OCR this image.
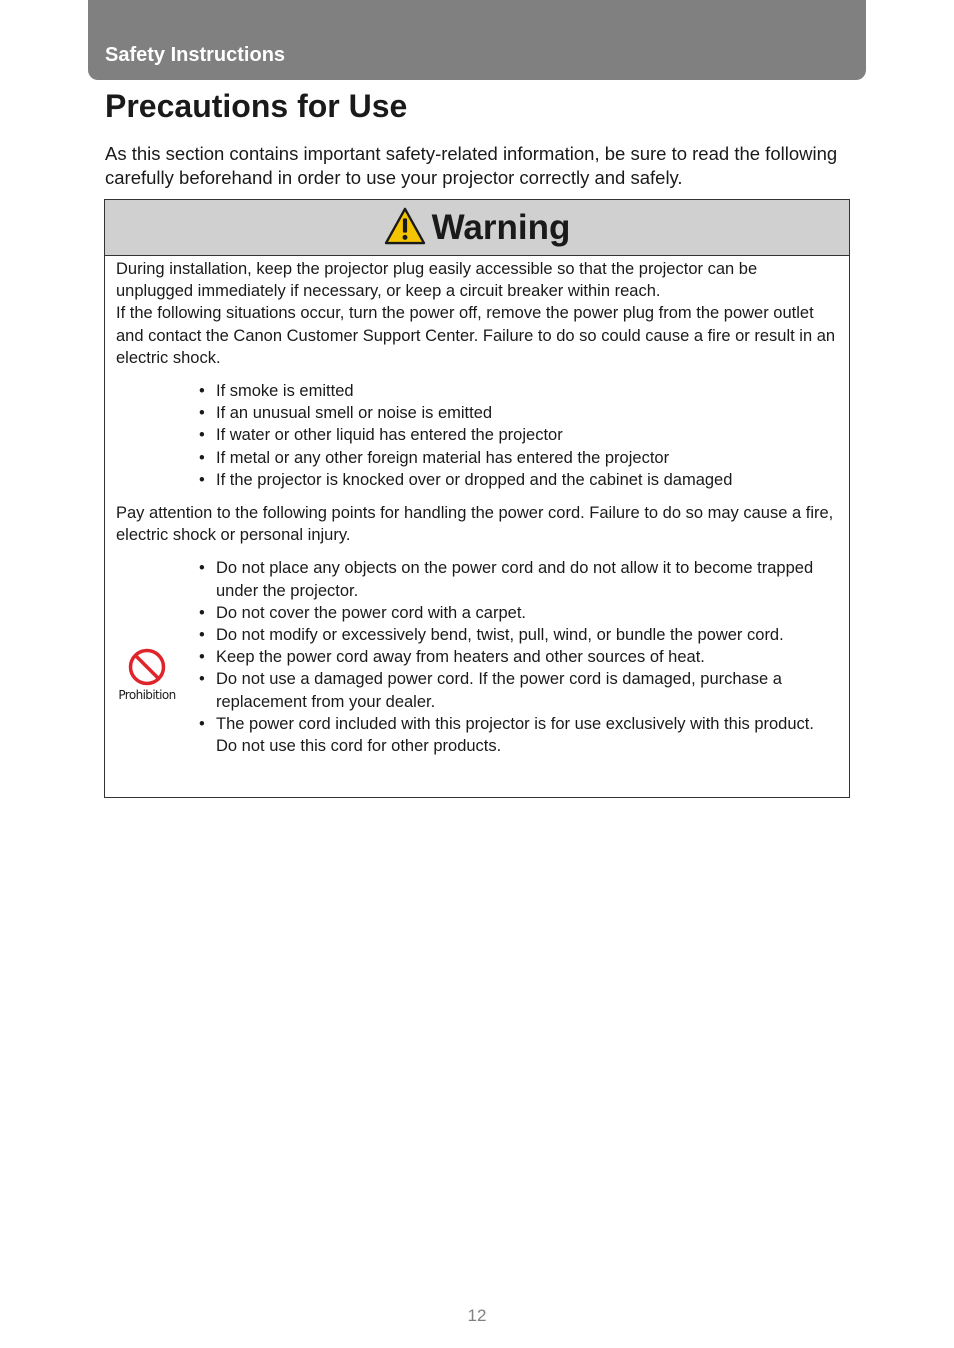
Safety Instructions
Precautions for Use

As this section contains important safety-related information, be sure to read the following carefully beforehand in order to use your projector correctly and safely.

Warning

During installation, keep the projector plug easily accessible so that the projector can be unplugged immediately if necessary, or keep a circuit breaker within reach.

If the following situations occur, turn the power off, remove the power plug from the power outlet and contact the Canon Customer Support Center. Failure to do so could cause a fire or result in an electric shock.

• If smoke is emitted
• If an unusual smell or noise is emitted
• If water or other liquid has entered the projector
• If metal or any other foreign material has entered the projector
• If the projector is knocked over or dropped and the cabinet is damaged

Pay attention to the following points for handling the power cord. Failure to do so may cause a fire, electric shock or personal injury.

• Do not place any objects on the power cord and do not allow it to become trapped under the projector.
• Do not cover the power cord with a carpet.
• Do not modify or excessively bend, twist, pull, wind, or bundle the power cord.
• Keep the power cord away from heaters and other sources of heat.
• Do not use a damaged power cord. If the power cord is damaged, purchase a replacement from your dealer.
• The power cord included with this projector is for use exclusively with this product. Do not use this cord for other products.
Prohibition
12
